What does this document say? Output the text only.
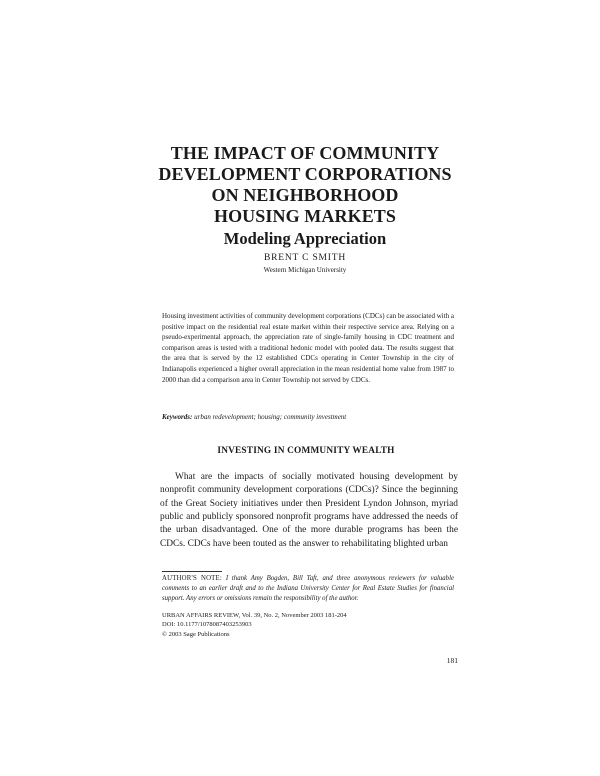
THE IMPACT OF COMMUNITY
DEVELOPMENT CORPORATIONS
ON NEIGHBORHOOD
HOUSING MARKETS
Modeling Appreciation
BRENT C SMITH
Western Michigan University

Housing investment activities of community development corporations (CDCs) can be associated with a positive impact on the residential real estate market within their respective service area. Relying on a pseudo-experimental approach, the appreciation rate of single-family housing in CDC treatment and comparison areas is tested with a traditional hedonic model with pooled data. The results suggest that the area that is served by the 12 established CDCs operating in Center Township in the city of Indianapolis experienced a higher overall appreciation in the mean residential home value from 1987 to 2000 than did a comparison area in Center Township not served by CDCs.

Keywords: urban redevelopment; housing; community investment

INVESTING IN COMMUNITY WEALTH

What are the impacts of socially motivated housing development by nonprofit community development corporations (CDCs)? Since the beginning of the Great Society initiatives under then President Lyndon Johnson, myriad public and publicly sponsored nonprofit programs have addressed the needs of the urban disadvantaged. One of the more durable programs has been the CDCs. CDCs have been touted as the answer to rehabilitating blighted urban

AUTHOR'S NOTE: I thank Amy Bogden, Bill Taft, and three anonymous reviewers for valuable comments to an earlier draft and to the Indiana University Center for Real Estate Studies for financial support. Any errors or omissions remain the responsibility of the author.

URBAN AFFAIRS REVIEW, Vol. 39, No. 2, November 2003 181-204
DOI: 10.1177/1078087403253903
© 2003 Sage Publications

181
